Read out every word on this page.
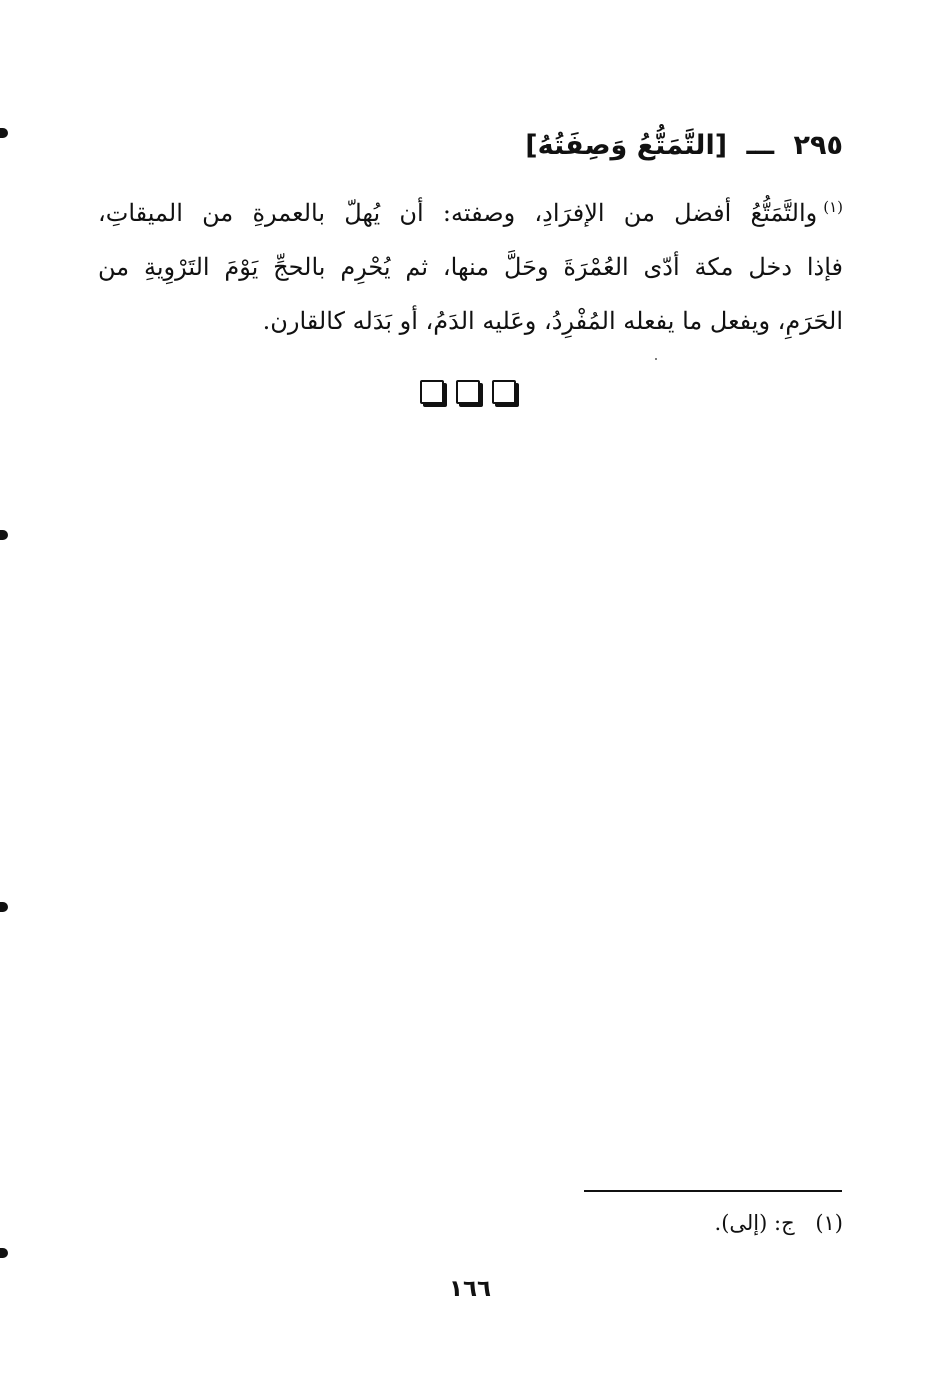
٢٩٥ ـــ [التَّمَتُّعُ وَصِفَتُهُ]
$^{(١)}$والتَّمَتُّعُ أفضل من الإفرَادِ، وصفته: أن يُهلّ بالعمرةِ من الميقاتِ،
فإذا دخل مكة أدّى العُمْرَةَ وحَلَّ منها، ثم يُحْرِم بالحجِّ يَوْمَ التَرْوِيةِ من
الحَرَمِ، ويفعل ما يفعله المُفْرِدُ، وعَليه الدَمُ، أو بَدَله كالقارن.
(١) ج: (إلى).
١٦٦
